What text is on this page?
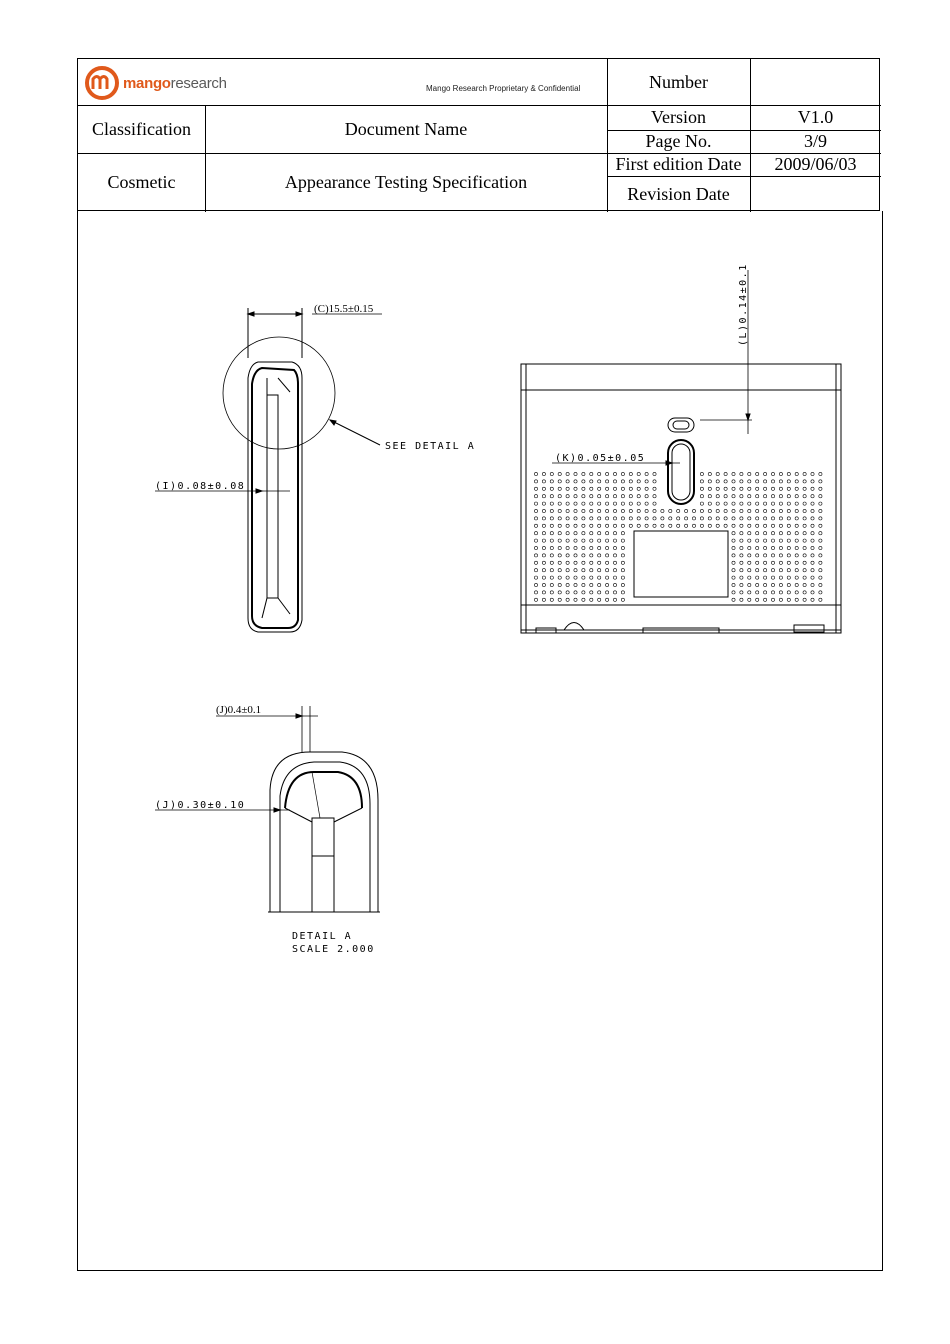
mangoresearch	Mango Research Proprietary & Confidential	Number
Classification	Document Name
Version	V1.0
Page No.	3/9
Cosmetic	Appearance Testing Specification
First edition Date	2009/06/03
Revision Date
(C)15.5±0.15
SEE DETAIL A
(I)0.08±0.08
(L)0.14±0.1
(K)0.05±0.05
(J)0.4±0.1
(J)0.30±0.10
DETAIL A
SCALE 2.000
